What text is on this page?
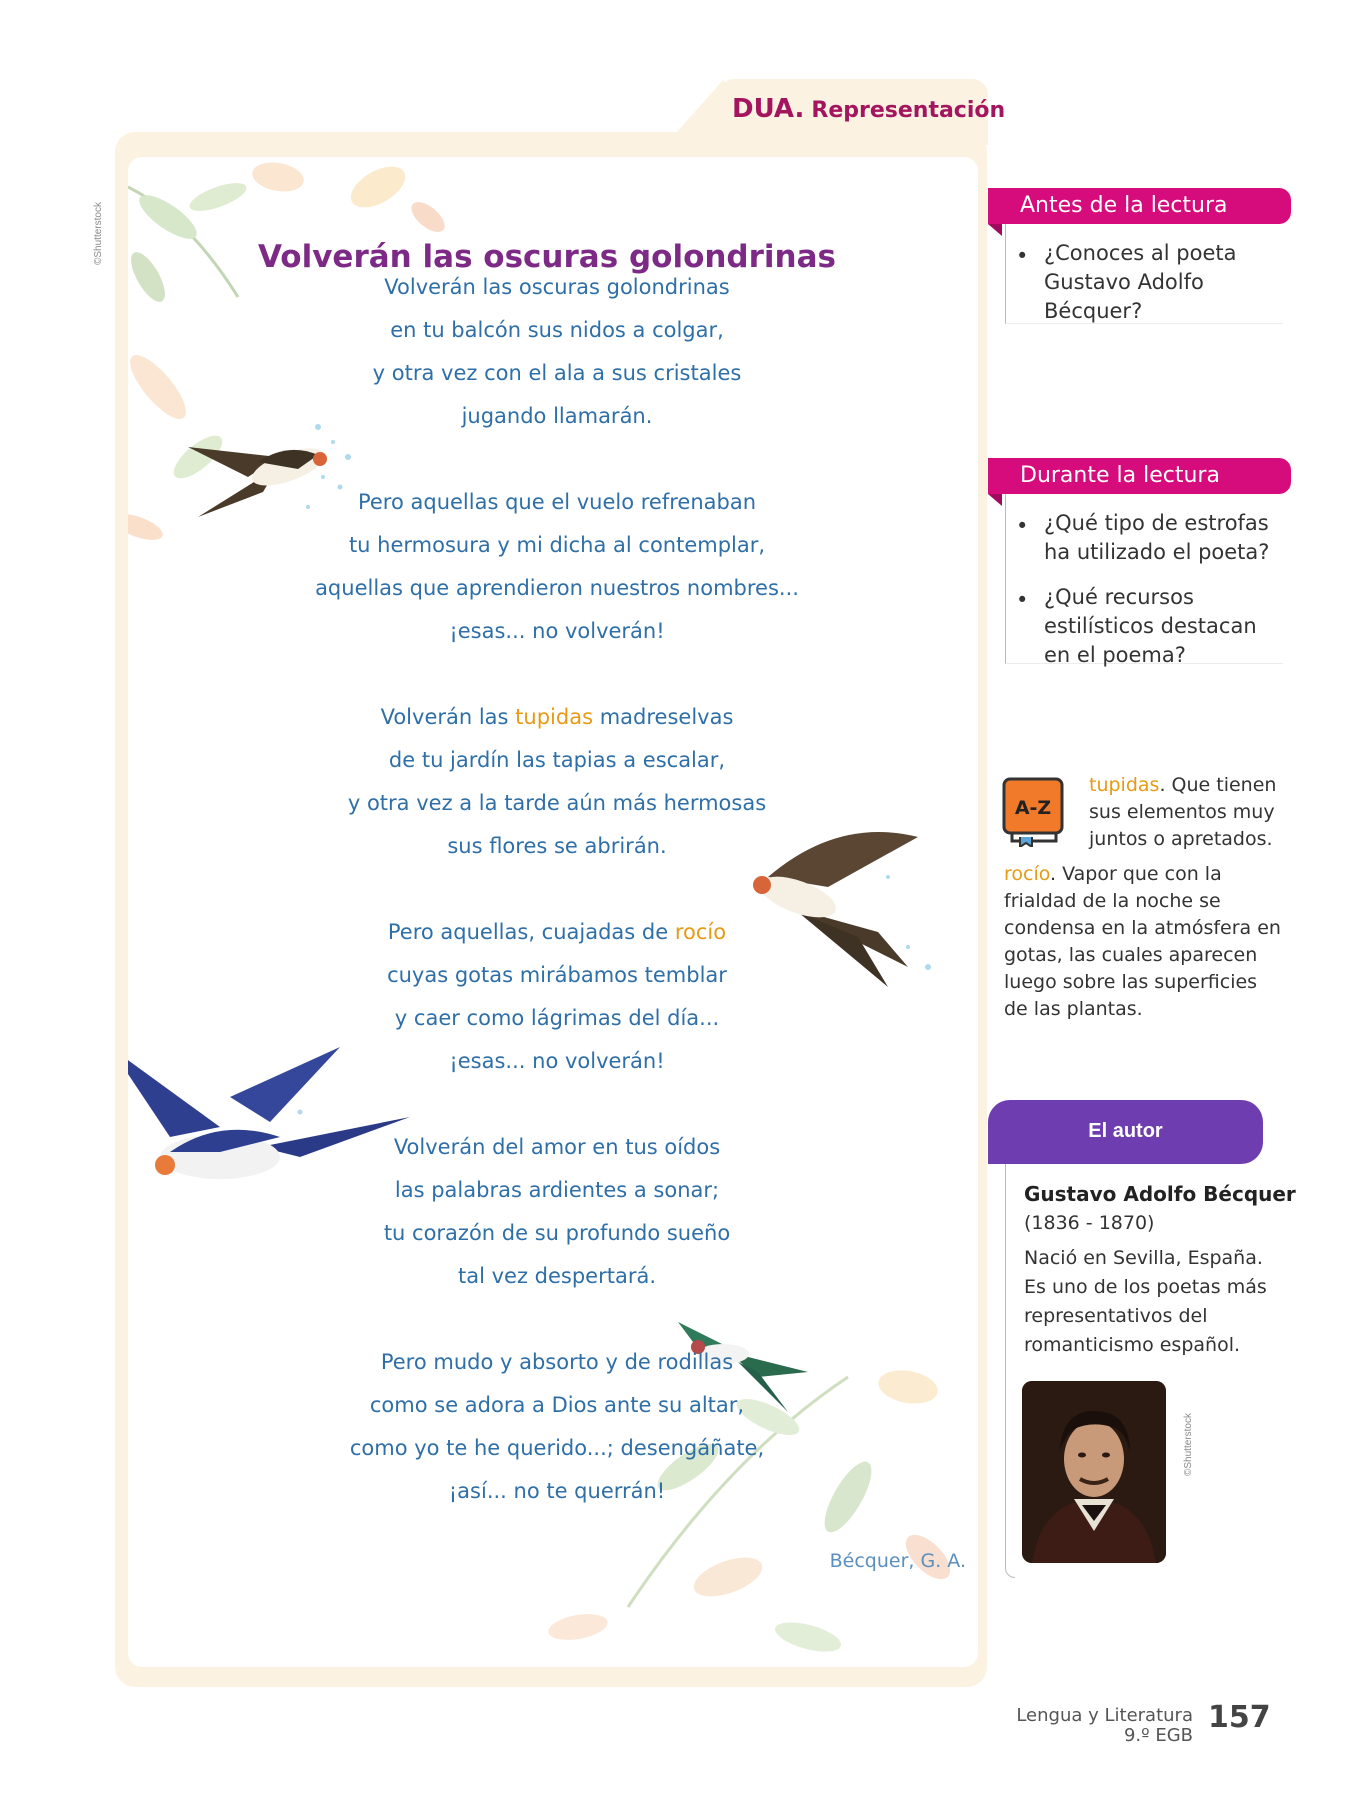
©Shutterstock
DUA. Representación
Volverán las oscuras golondrinas
Volverán las oscuras golondrinas
en tu balcón sus nidos a colgar,
y otra vez con el ala a sus cristales
jugando llamarán.
Pero aquellas que el vuelo refrenaban
tu hermosura y mi dicha al contemplar,
aquellas que aprendieron nuestros nombres...
¡esas... no volverán!
Volverán las tupidas madreselvas
de tu jardín las tapias a escalar,
y otra vez a la tarde aún más hermosas
sus flores se abrirán.
Pero aquellas, cuajadas de rocío
cuyas gotas mirábamos temblar
y caer como lágrimas del día...
¡esas... no volverán!
Volverán del amor en tus oídos
las palabras ardientes a sonar;
tu corazón de su profundo sueño
tal vez despertará.
Pero mudo y absorto y de rodillas
como se adora a Dios ante su altar,
como yo te he querido...; desengáñate,
¡así... no te querrán!
Bécquer, G. A.
Antes de la lectura
• ¿Conoces al poeta Gustavo Adolfo Bécquer?
Durante la lectura
• ¿Qué tipo de estrofas ha utilizado el poeta?
• ¿Qué recursos estilísticos destacan en el poema?
A-Z
tupidas. Que tienen sus elementos muy juntos o apretados.
rocío. Vapor que con la frialdad de la noche se condensa en la atmósfera en gotas, las cuales aparecen luego sobre las superficies de las plantas.
El autor
Gustavo Adolfo Bécquer
(1836 - 1870)
Nació en Sevilla, España. Es uno de los poetas más representativos del romanticismo español.
©Shutterstock
Lengua y Literatura
9.º EGB
157
